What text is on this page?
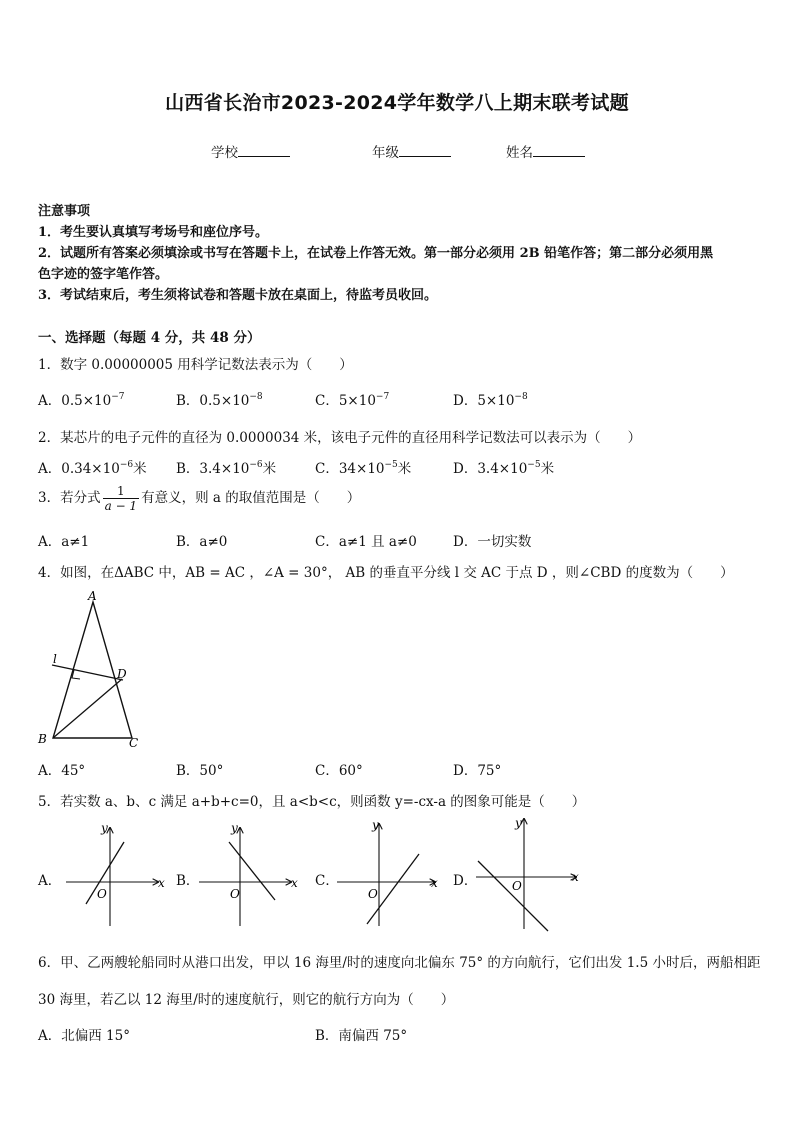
山西省长治市2023-2024学年数学八上期末联考试题
学校	年级	姓名
注意事项
1．考生要认真填写考场号和座位序号。
2．试题所有答案必须填涂或书写在答题卡上，在试卷上作答无效。第一部分必须用 2B 铅笔作答；第二部分必须用黑
色字迹的签字笔作答。
3．考试结束后，考生须将试卷和答题卡放在桌面上，待监考员收回。
一、选择题（每题 4 分，共 48 分）
1．数字 0.00000005 用科学记数法表示为（　　）
A．$0.5\times 10^{-7}$	B．$0.5\times 10^{-8}$	C．$5\times 10^{-7}$	D．$5\times 10^{-8}$
2．某芯片的电子元件的直径为 0.0000034 米，该电子元件的直径用科学记数法可以表示为（　　）
A．$0.34\times 10^{-6}$米 B．$3.4\times 10^{-6}$米	C．$34\times 10^{-5}$米	D．$3.4\times 10^{-5}$米
3．若分式 $\frac{1}{a - 1}$ 有意义，则 a 的取值范围是（　　）
A．a≠1	B．a≠0	C．a≠1 且 a≠0	D．一切实数
4．如图，在ΔABC 中，AB = AC ，∠A = 30°， AB 的垂直平分线 l 交 AC 于点 D ，则∠CBD 的度数为（　　）
A
l
D
B	C
A．45°	B．50°	C．60°	D．75°
5．若实数 a、b、c 满足 a+b+c=0，且 a<b<c，则函数 y=-cx-a 的图象可能是（　　）
A．	x
y
O
B．	x
y
O
C．	x
y
O
D．	x
y
O
6．甲、乙两艘轮船同时从港口出发，甲以 16 海里/时的速度向北偏东 75° 的方向航行，它们出发 1.5 小时后，两船相距
30 海里，若乙以 12 海里/时的速度航行，则它的航行方向为（　　）
A．北偏西 15°	B．南偏西 75°
